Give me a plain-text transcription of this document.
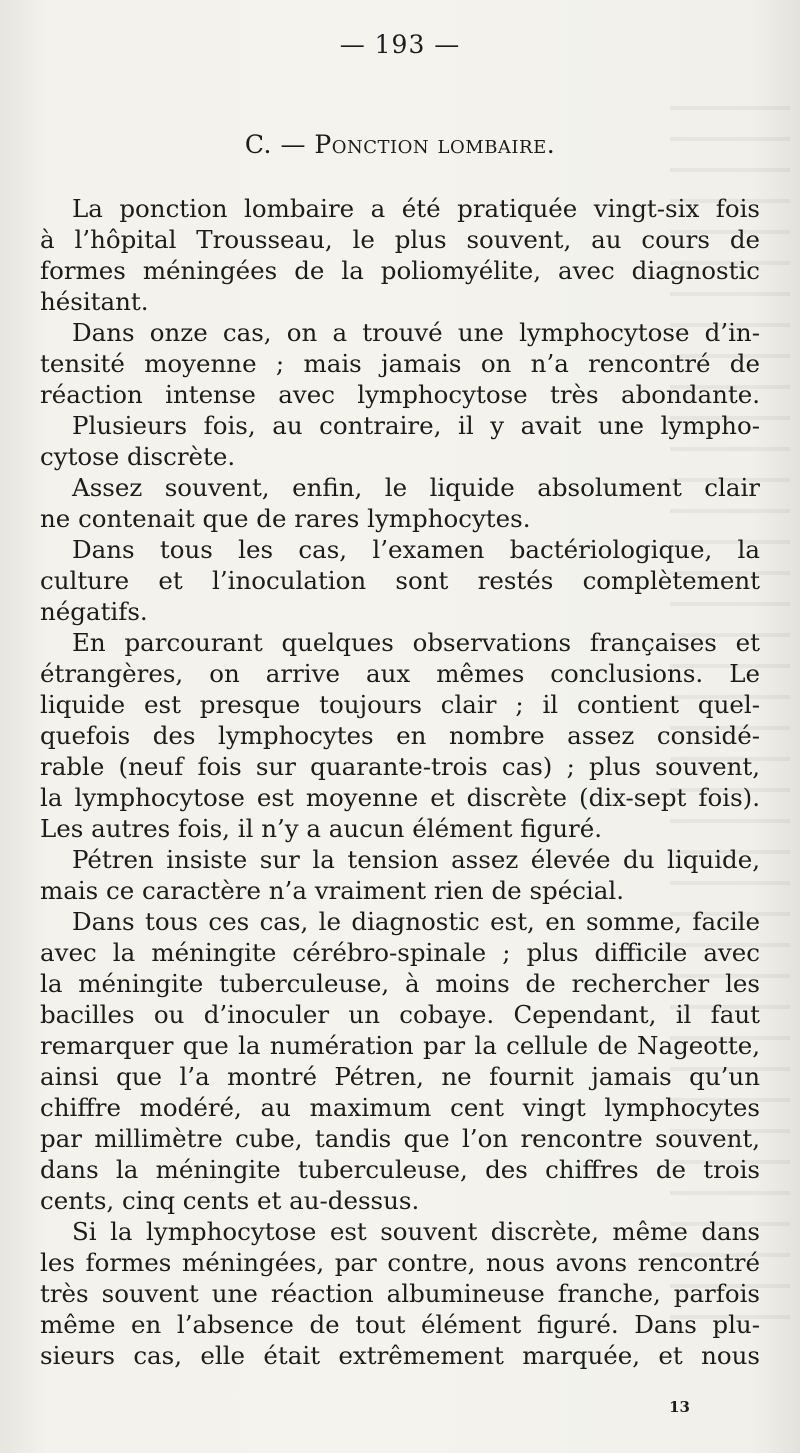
— 193 —
C. — Ponction lombaire.
La ponction lombaire a été pratiquée vingt-six fois
à l’hôpital Trousseau, le plus souvent, au cours de
formes méningées de la poliomyélite, avec diagnostic
hésitant.
Dans onze cas, on a trouvé une lymphocytose d’in-
tensité moyenne ; mais jamais on n’a rencontré de
réaction intense avec lymphocytose très abondante.
Plusieurs fois, au contraire, il y avait une lympho-
cytose discrète.
Assez souvent, enfin, le liquide absolument clair
ne contenait que de rares lymphocytes.
Dans tous les cas, l’examen bactériologique, la
culture et l’inoculation sont restés complètement
négatifs.
En parcourant quelques observations françaises et
étrangères, on arrive aux mêmes conclusions. Le
liquide est presque toujours clair ; il contient quel-
quefois des lymphocytes en nombre assez considé-
rable (neuf fois sur quarante-trois cas) ; plus souvent,
la lymphocytose est moyenne et discrète (dix-sept fois).
Les autres fois, il n’y a aucun élément figuré.
Pétren insiste sur la tension assez élevée du liquide,
mais ce caractère n’a vraiment rien de spécial.
Dans tous ces cas, le diagnostic est, en somme, facile
avec la méningite cérébro-spinale ; plus difficile avec
la méningite tuberculeuse, à moins de rechercher les
bacilles ou d’inoculer un cobaye. Cependant, il faut
remarquer que la numération par la cellule de Nageotte,
ainsi que l’a montré Pétren, ne fournit jamais qu’un
chiffre modéré, au maximum cent vingt lymphocytes
par millimètre cube, tandis que l’on rencontre souvent,
dans la méningite tuberculeuse, des chiffres de trois
cents, cinq cents et au-dessus.
Si la lymphocytose est souvent discrète, même dans
les formes méningées, par contre, nous avons rencontré
très souvent une réaction albumineuse franche, parfois
même en l’absence de tout élément figuré. Dans plu-
sieurs cas, elle était extrêmement marquée, et nous
13
